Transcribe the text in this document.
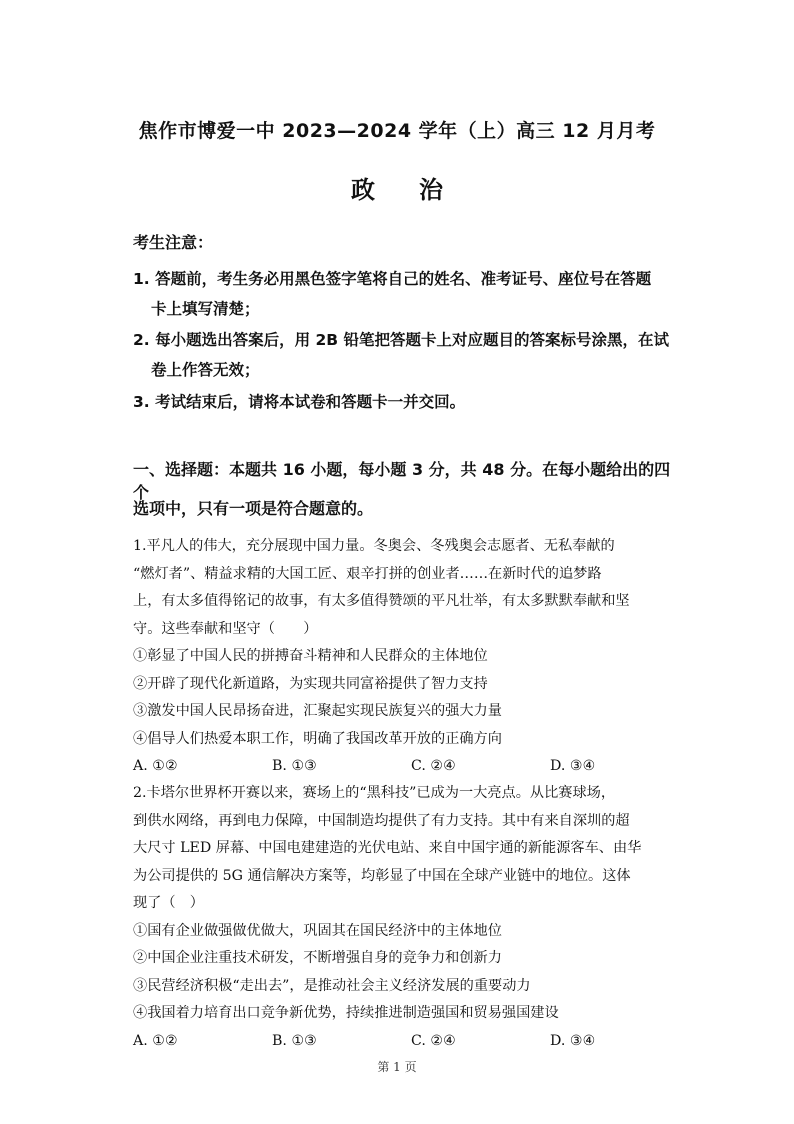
焦作市博爱一中 2023—2024 学年（上）高三 12 月月考
政治
考生注意：
1. 答题前，考生务必用黑色签字笔将自己的姓名、准考证号、座位号在答题
卡上填写清楚；
2. 每小题选出答案后，用 2B 铅笔把答题卡上对应题目的答案标号涂黑，在试
卷上作答无效；
3. 考试结束后，请将本试卷和答题卡一并交回。
一、选择题：本题共 16 小题，每小题 3 分，共 48 分。在每小题给出的四个
选项中，只有一项是符合题意的。
1.平凡人的伟大，充分展现中国力量。冬奥会、冬残奥会志愿者、无私奉献的
“燃灯者”、精益求精的大国工匠、艰辛打拼的创业者……在新时代的追梦路
上，有太多值得铭记的故事，有太多值得赞颂的平凡壮举，有太多默默奉献和坚
守。这些奉献和坚守（　　）
①彰显了中国人民的拼搏奋斗精神和人民群众的主体地位
②开辟了现代化新道路，为实现共同富裕提供了智力支持
③激发中国人民昂扬奋进，汇聚起实现民族复兴的强大力量
④倡导人们热爱本职工作，明确了我国改革开放的正确方向
A. ①②	B. ①③	C. ②④	D. ③④
2.卡塔尔世界杯开赛以来，赛场上的“黑科技”已成为一大亮点。从比赛球场，
到供水网络，再到电力保障，中国制造均提供了有力支持。其中有来自深圳的超
大尺寸 LED 屏幕、中国电建建造的光伏电站、来自中国宇通的新能源客车、由华
为公司提供的 5G 通信解决方案等，均彰显了中国在全球产业链中的地位。这体
现了（　）
①国有企业做强做优做大，巩固其在国民经济中的主体地位
②中国企业注重技术研发，不断增强自身的竞争力和创新力
③民营经济积极“走出去”，是推动社会主义经济发展的重要动力
④我国着力培育出口竞争新优势，持续推进制造强国和贸易强国建设
A. ①②	B. ①③	C. ②④	D. ③④
第 1 页
